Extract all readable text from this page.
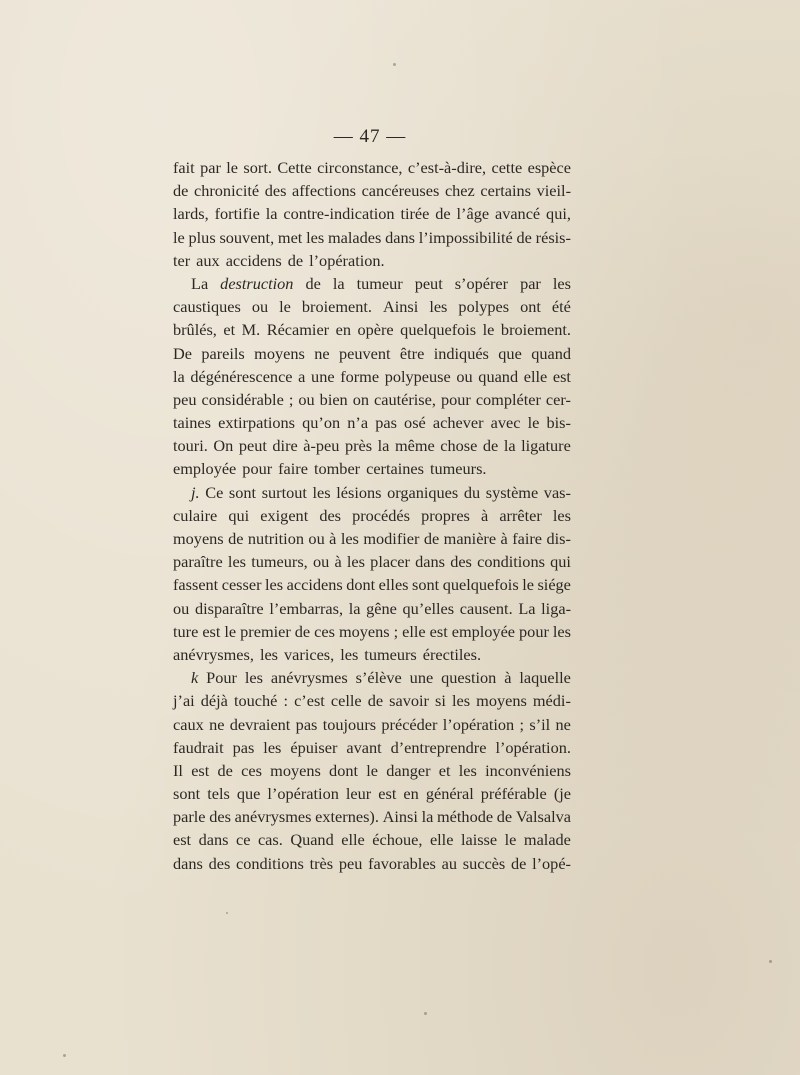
— 47 —
fait par le sort. Cette circonstance, c’est-à-dire, cette espèce
de chronicité des affections cancéreuses chez certains vieil-
lards, fortifie la contre-indication tirée de l’âge avancé qui,
le plus souvent, met les malades dans l’impossibilité de résis-
ter aux accidens de l’opération.
La destruction de la tumeur peut s’opérer par les
caustiques ou le broiement. Ainsi les polypes ont été
brûlés, et M. Récamier en opère quelquefois le broiement.
De pareils moyens ne peuvent être indiqués que quand
la dégénérescence a une forme polypeuse ou quand elle est
peu considérable ; ou bien on cautérise, pour compléter cer-
taines extirpations qu’on n’a pas osé achever avec le bis-
touri. On peut dire à-peu près la même chose de la ligature
employée pour faire tomber certaines tumeurs.
j. Ce sont surtout les lésions organiques du système vas-
culaire qui exigent des procédés propres à arrêter les
moyens de nutrition ou à les modifier de manière à faire dis-
paraître les tumeurs, ou à les placer dans des conditions qui
fassent cesser les accidens dont elles sont quelquefois le siége
ou disparaître l’embarras, la gêne qu’elles causent. La liga-
ture est le premier de ces moyens ; elle est employée pour les
anévrysmes, les varices, les tumeurs érectiles.
k Pour les anévrysmes s’élève une question à laquelle
j’ai déjà touché : c’est celle de savoir si les moyens médi-
caux ne devraient pas toujours précéder l’opération ; s’il ne
faudrait pas les épuiser avant d’entreprendre l’opération.
Il est de ces moyens dont le danger et les inconvéniens
sont tels que l’opération leur est en général préférable (je
parle des anévrysmes externes). Ainsi la méthode de Valsalva
est dans ce cas. Quand elle échoue, elle laisse le malade
dans des conditions très peu favorables au succès de l’opé-
